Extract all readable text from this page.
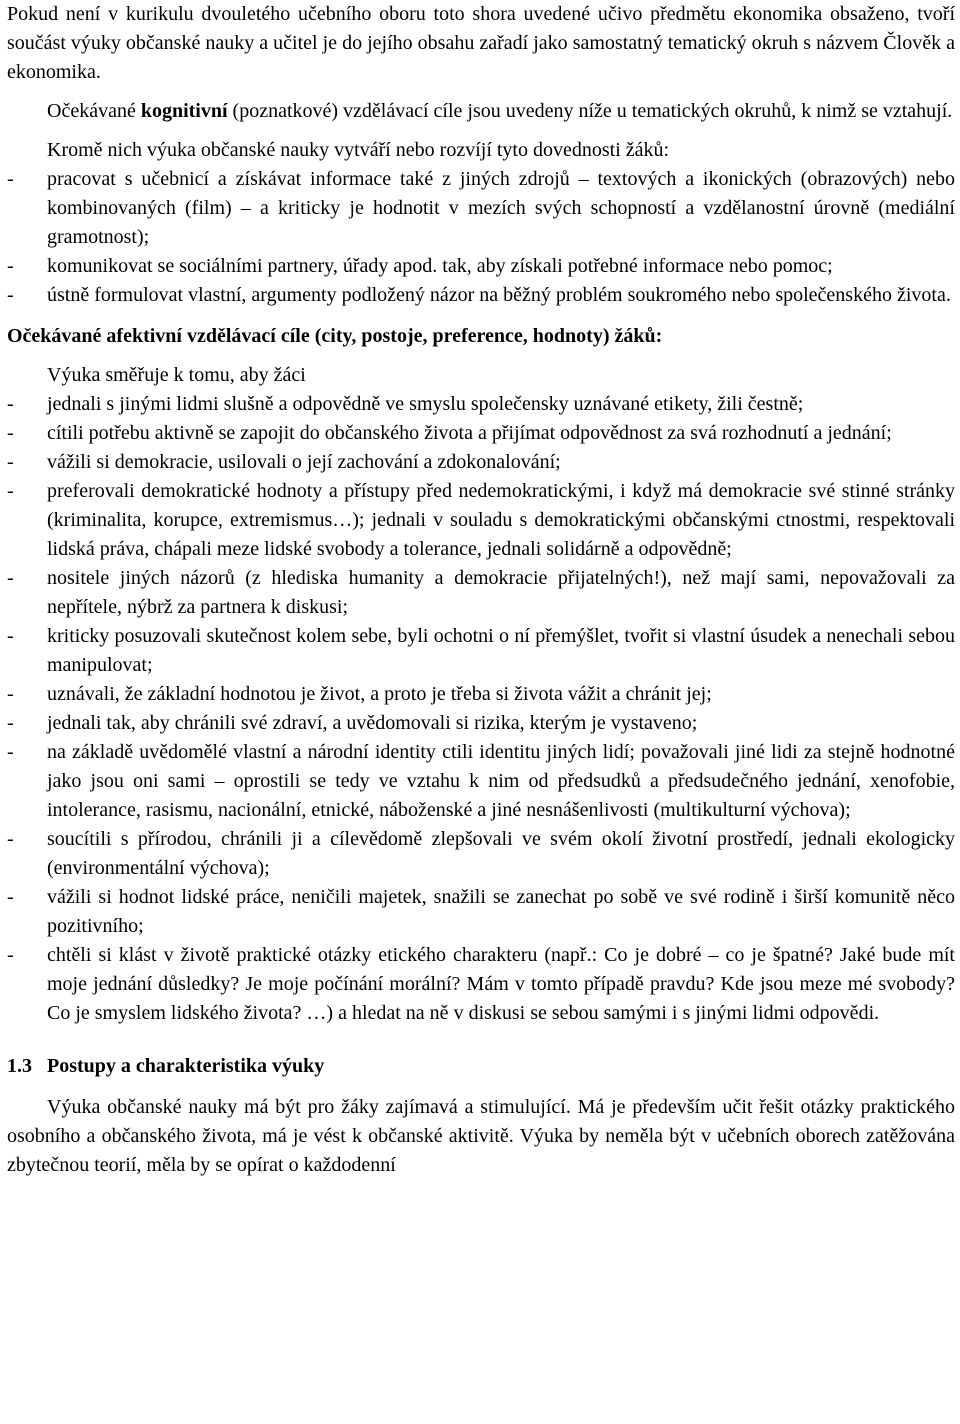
Pokud není v kurikulu dvouletého učebního oboru toto shora uvedené učivo předmětu ekonomika obsaženo, tvoří součást výuky občanské nauky a učitel je do jejího obsahu zařadí jako samostatný tematický okruh s názvem Člověk a ekonomika.

Očekávané kognitivní (poznatkové) vzdělávací cíle jsou uvedeny níže u tematických okruhů, k nimž se vztahují.

Kromě nich výuka občanské nauky vytváří nebo rozvíjí tyto dovednosti žáků:

- pracovat s učebnicí a získávat informace také z jiných zdrojů – textových a ikonických (obrazových) nebo kombinovaných (film) – a kriticky je hodnotit v mezích svých schopností a vzdělanostní úrovně (mediální gramotnost);
- komunikovat se sociálními partnery, úřady apod. tak, aby získali potřebné informace nebo pomoc;
- ústně formulovat vlastní, argumenty podložený názor na běžný problém soukromého nebo společenského života.

Očekávané afektivní vzdělávací cíle (city, postoje, preference, hodnoty) žáků:

Výuka směřuje k tomu, aby žáci

- jednali s jinými lidmi slušně a odpovědně ve smyslu společensky uznávané etikety, žili čestně;
- cítili potřebu aktivně se zapojit do občanského života a přijímat odpovědnost za svá rozhodnutí a jednání;
- vážili si demokracie, usilovali o její zachování a zdokonalování;
- preferovali demokratické hodnoty a přístupy před nedemokratickými, i když má demokracie své stinné stránky (kriminalita, korupce, extremismus…); jednali v souladu s demokratickými občanskými ctnostmi, respektovali lidská práva, chápali meze lidské svobody a tolerance, jednali solidárně a odpovědně;
- nositele jiných názorů (z hlediska humanity a demokracie přijatelných!), než mají sami, nepovažovali za nepřítele, nýbrž za partnera k diskusi;
- kriticky posuzovali skutečnost kolem sebe, byli ochotni o ní přemýšlet, tvořit si vlastní úsudek a nenechali sebou manipulovat;
- uznávali, že základní hodnotou je život, a proto je třeba si života vážit a chránit jej;
- jednali tak, aby chránili své zdraví, a uvědomovali si rizika, kterým je vystaveno;
- na základě uvědomělé vlastní a národní identity ctili identitu jiných lidí; považovali jiné lidi za stejně hodnotné jako jsou oni sami – oprostili se tedy ve vztahu k nim od předsudků a předsudečného jednání, xenofobie, intolerance, rasismu, nacionální, etnické, náboženské a jiné nesnášenlivosti (multikulturní výchova);
- soucítili s přírodou, chránili ji a cílevědomě zlepšovali ve svém okolí životní prostředí, jednali ekologicky (environmentální výchova);
- vážili si hodnot lidské práce, neničili majetek, snažili se zanechat po sobě ve své rodině i širší komunitě něco pozitivního;
- chtěli si klást v životě praktické otázky etického charakteru (např.: Co je dobré – co je špatné? Jaké bude mít moje jednání důsledky? Je moje počínání morální? Mám v tomto případě pravdu? Kde jsou meze mé svobody? Co je smyslem lidského života? …) a hledat na ně v diskusi se sebou samými i s jinými lidmi odpovědi.

1.3 Postupy a charakteristika výuky

Výuka občanské nauky má být pro žáky zajímavá a stimulující. Má je především učit řešit otázky praktického osobního a občanského života, má je vést k občanské aktivitě. Výuka by neměla být v učebních oborech zatěžována zbytečnou teorií, měla by se opírat o každodenní
